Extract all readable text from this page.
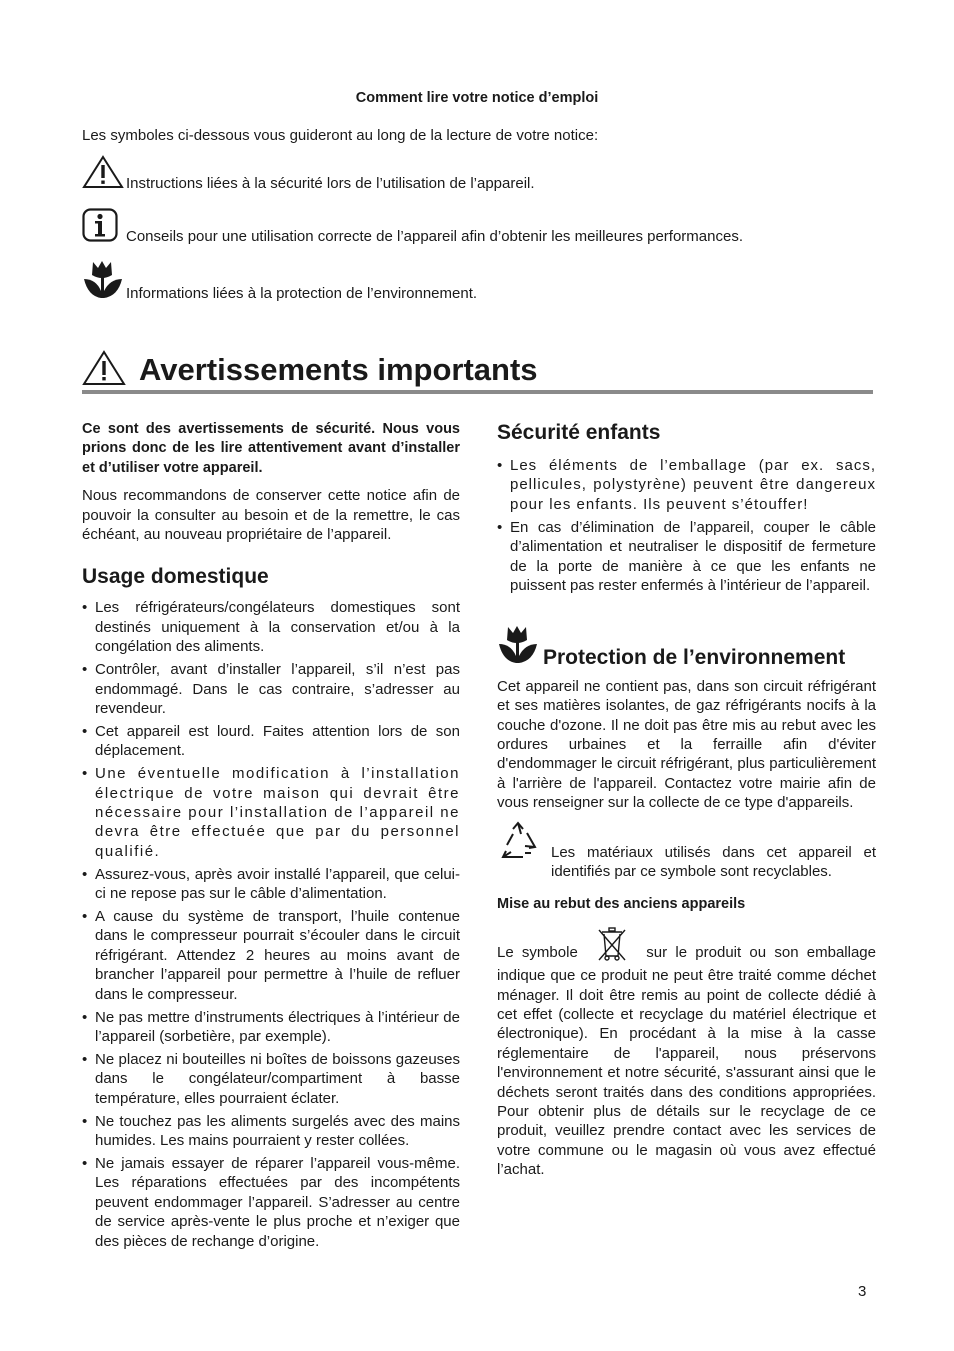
Comment lire votre notice d’emploi
Les symboles ci-dessous vous guideront au long de la lecture de votre notice:
Instructions liées à la sécurité lors de l’utilisation de l’appareil.
Conseils pour une utilisation correcte de l’appareil afin d’obtenir les meilleures performances.
Informations liées à la protection de l’environnement.
Avertissements importants

Ce sont des avertissements de sécurité. Nous vous prions donc de les lire attentivement avant d’installer et d’utiliser votre appareil.

Nous recommandons de conserver cette notice afin de pouvoir la consulter au besoin et de la remettre, le cas échéant, au nouveau propriétaire de l’appareil.

Usage domestique
• Les réfrigérateurs/congélateurs domestiques sont destinés uniquement à la conservation et/ou à la congélation des aliments.
• Contrôler, avant d’installer l’appareil, s’il n’est pas endommagé. Dans le cas contraire, s’adresser au revendeur.
• Cet appareil est lourd. Faites attention lors de son déplacement.
• Une éventuelle modification à l’installation électrique de votre maison qui devrait être nécessaire pour l’installation de l’appareil ne devra être effectuée que par du personnel qualifié.
• Assurez-vous, après avoir installé l’appareil, que celui-ci ne repose pas sur le câble d’alimentation.
• A cause du système de transport, l’huile contenue dans le compresseur pourrait s’écouler dans le circuit réfrigérant. Attendez 2 heures au moins avant de brancher l’appareil pour permettre à l’huile de refluer dans le compresseur.
• Ne pas mettre d’instruments électriques à l’intérieur de l’appareil (sorbetière, par exemple).
• Ne placez ni bouteilles ni boîtes de boissons gazeuses dans le congélateur/compartiment à basse température, elles pourraient éclater.
• Ne touchez pas les aliments surgelés avec des mains humides. Les mains pourraient y rester collées.
• Ne jamais essayer de réparer l’appareil vous-même. Les réparations effectuées par des incompétents peuvent endommager l’appareil. S’adresser au centre de service après-vente le plus proche et n’exiger que des pièces de rechange d’origine.
Sécurité enfants
• Les éléments de l’emballage (par ex. sacs, pellicules, polystyrène) peuvent être dangereux pour les enfants. Ils peuvent s’étouffer!
• En cas d’élimination de l’appareil, couper le câble d’alimentation et neutraliser le dispositif de fermeture de la porte de manière à ce que les enfants ne puissent pas rester enfermés à l’intérieur de l’appareil.
Protection de l’environnement

Cet appareil ne contient pas, dans son circuit réfrigérant et ses matières isolantes, de gaz réfrigérants nocifs à la couche d'ozone. Il ne doit pas être mis au rebut avec les ordures urbaines et la ferraille afin d'éviter d'endommager le circuit réfrigérant, plus particulièrement à l'arrière de l'appareil. Contactez votre mairie afin de vous renseigner sur la collecte de ce type d'appareils.

Les matériaux utilisés dans cet appareil et identifiés par ce symbole sont recyclables.

Mise au rebut des anciens appareils

Le symbole	sur le produit ou son emballage indique que ce produit ne peut être traité comme déchet ménager. Il doit être remis au point de collecte dédié à cet effet (collecte et recyclage du matériel électrique et électronique). En procédant à la mise à la casse réglementaire de l'appareil, nous préservons l'environnement et notre sécurité, s'assurant ainsi que le déchets seront traités dans des conditions appropriées. Pour obtenir plus de détails sur le recyclage de ce produit, veuillez prendre contact avec les services de votre commune ou le magasin où vous avez effectué l’achat.

3
